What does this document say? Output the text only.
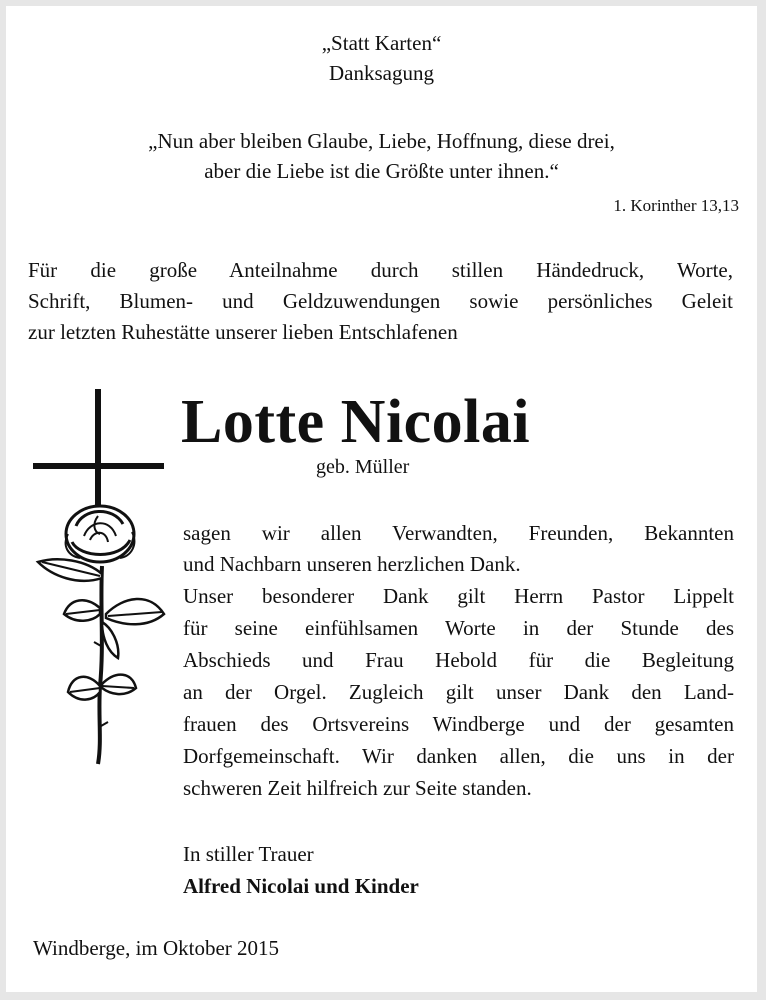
„Statt Karten“

Danksagung

„Nun aber bleiben Glaube, Liebe, Hoffnung, diese drei,

aber die Liebe ist die Größte unter ihnen.“

1. Korinther 13,13

Für die große Anteilnahme durch stillen Händedruck, Worte,

Schrift, Blumen- und Geldzuwendungen sowie persönliches Geleit

zur letzten Ruhestätte unserer lieben Entschlafenen

Lotte Nicolai

geb. Müller

sagen wir allen Verwandten, Freunden, Bekannten

und Nachbarn unseren herzlichen Dank.

Unser besonderer Dank gilt Herrn Pastor Lippelt

für seine einfühlsamen Worte in der Stunde des

Abschieds und Frau Hebold für die Begleitung

an der Orgel. Zugleich gilt unser Dank den Land-

frauen des Ortsvereins Windberge und der gesamten

Dorfgemeinschaft. Wir danken allen, die uns in der

schweren Zeit hilfreich zur Seite standen.

In stiller Trauer

Alfred Nicolai und Kinder

Windberge, im Oktober 2015
